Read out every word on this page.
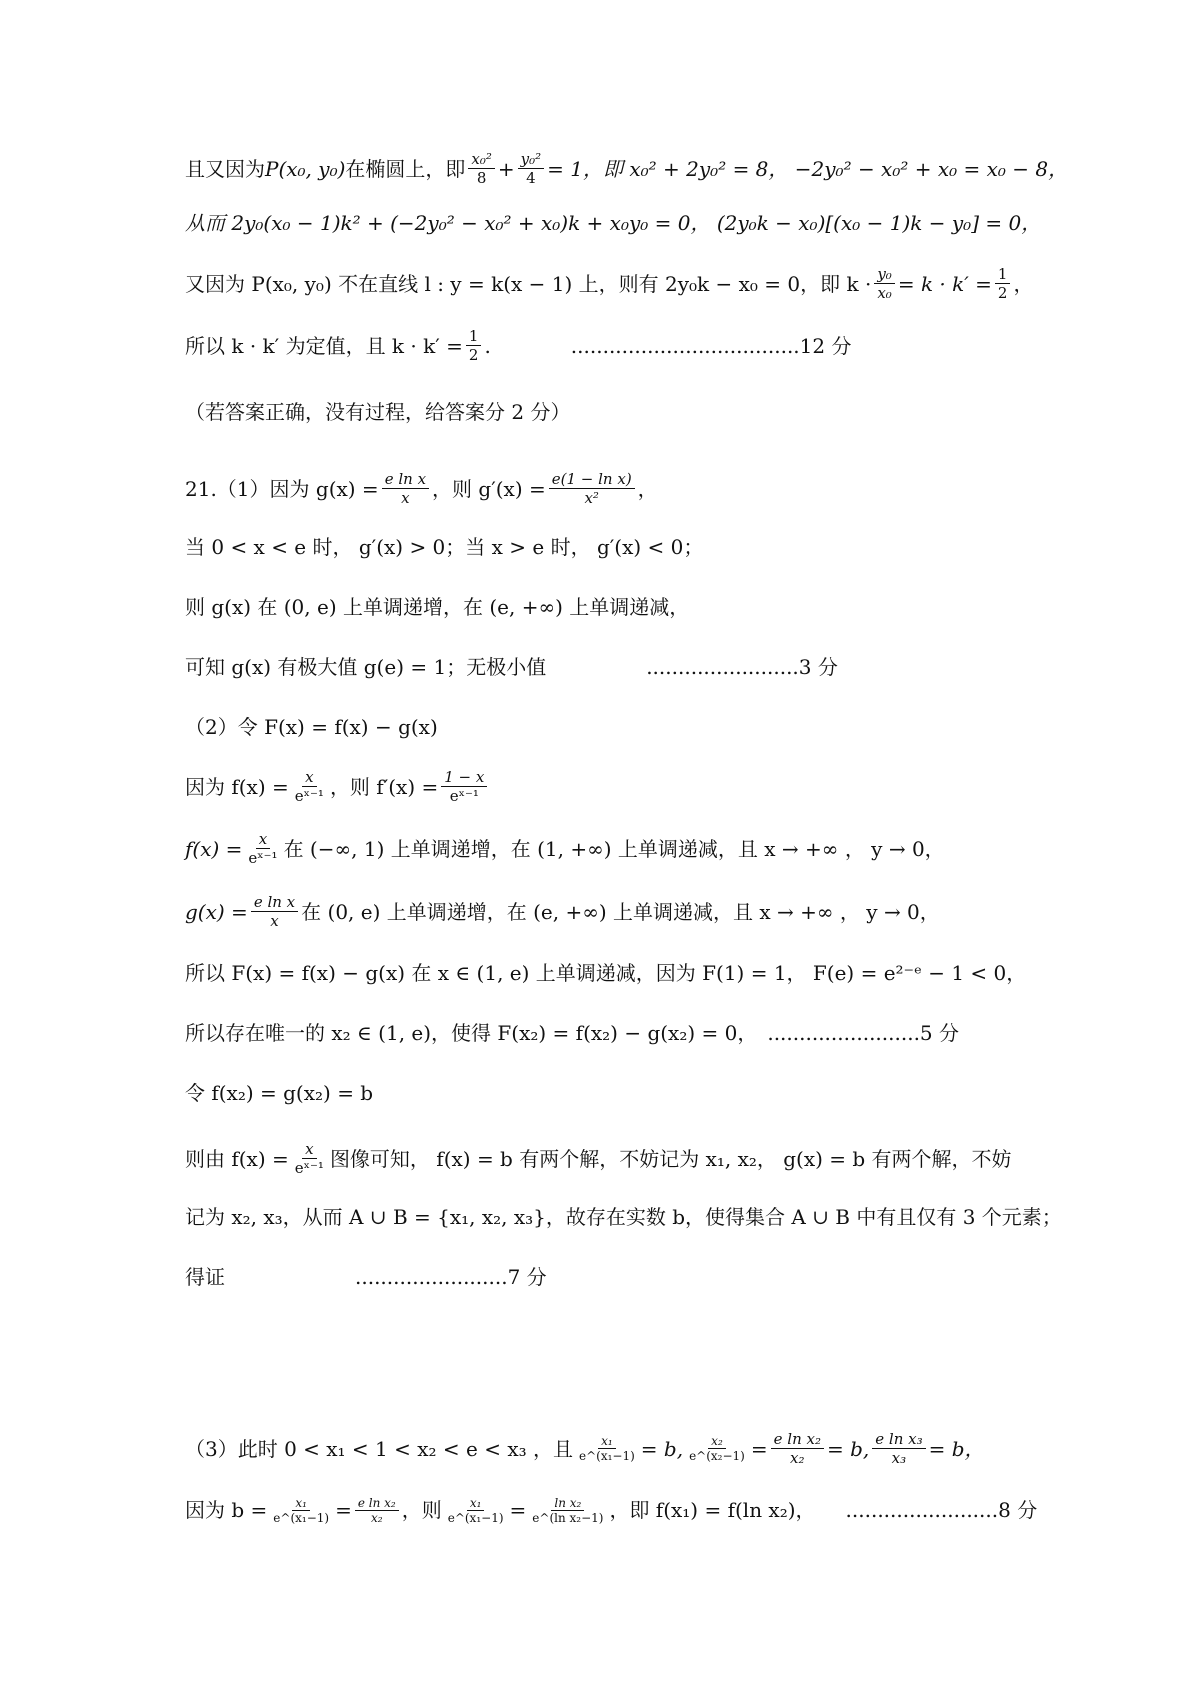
且又因为 P(x₀, y₀) 在椭圆上，即 $\frac{\text{x₀²}}{8} + \frac{\text{y₀²}}{4} = 1$，即 x₀² + 2y₀² = 8， −2y₀² − x₀² + x₀ = x₀ − 8，
从而 2y₀(x₀ − 1)k² + (−2y₀² − x₀² + x₀)k + x₀y₀ = 0， (2y₀k − x₀)[(x₀ − 1)k − y₀] = 0，
又因为 P(x₀, y₀) 不在直线 l : y = k(x − 1) 上，则有 2y₀k − x₀ = 0，即 $k \cdot \frac{\text{y₀}}{\text{x₀}} = k \cdot k' = \frac{1}{2}$ ，
所以 k · k′ 为定值，且 $k \cdot k' = \frac{1}{2}$ .	....................................12 分
（若答案正确，没有过程，给答案分 2 分）
21.（1）因为 $g(x) = \frac{\text{e ln x}}{x}$ ，则 $g'(x) = \frac{\text{e(1 − ln x)}}{\text{x²}}$ ，
当 0 < x < e 时， g′(x) > 0；当 x > e 时， g′(x) < 0；
则 g(x) 在 (0, e) 上单调递增，在 (e, +∞) 上单调递减，
可知 g(x) 有极大值 g(e) = 1；无极小值	........................3 分
（2）令 F(x) = f(x) − g(x)
因为 $f(x) = \frac{x}{\text{eˣ⁻¹}}$ ，则 $f'(x) = \frac{1 - x}{\text{eˣ⁻¹}}$
$f(x) = \frac{x}{\text{eˣ⁻¹}}$ 在 (−∞, 1) 上单调递增，在 (1, +∞) 上单调递减，且 x → +∞ ， y → 0，
$g(x) = \frac{\text{e ln x}}{x}$ 在 (0, e) 上单调递增，在 (e, +∞) 上单调递减，且 x → +∞ ， y → 0，
所以 F(x) = f(x) − g(x) 在 x ∈ (1, e) 上单调递减，因为 F(1) = 1， F(e) = e²⁻ᵉ − 1 < 0，
所以存在唯一的 x₂ ∈ (1, e)，使得 F(x₂) = f(x₂) − g(x₂) = 0， ........................5 分
令 f(x₂) = g(x₂) = b
则由 $f(x) = \frac{x}{\text{eˣ⁻¹}}$ 图像可知， f(x) = b 有两个解，不妨记为 x₁, x₂， g(x) = b 有两个解，不妨
记为 x₂, x₃，从而 A ∪ B = {x₁, x₂, x₃}，故存在实数 b，使得集合 A ∪ B 中有且仅有 3 个元素；
得证	........................7 分
（3）此时 0 < x₁ < 1 < x₂ < e < x₃ ，且 $\frac{\text{x₁}}{\text{e\textasciicircum{}(x₁−1)}} = b$, $\frac{\text{x₂}}{\text{e\textasciicircum{}(x₂−1)}} = \frac{\text{e ln x₂}}{\text{x₂}} = b$, $\frac{\text{e ln x₃}}{\text{x₃}} = b$，
因为 $b = \frac{\text{x₁}}{\text{e\textasciicircum{}(x₁−1)}} = \frac{\text{e ln x₂}}{\text{x₂}}$ ，则 $\frac{\text{x₁}}{\text{e\textasciicircum{}(x₁−1)}} = \frac{\text{ln x₂}}{\text{e\textasciicircum{}(ln x₂−1)}}$ ，即 f(x₁) = f(ln x₂)， ........................8 分
